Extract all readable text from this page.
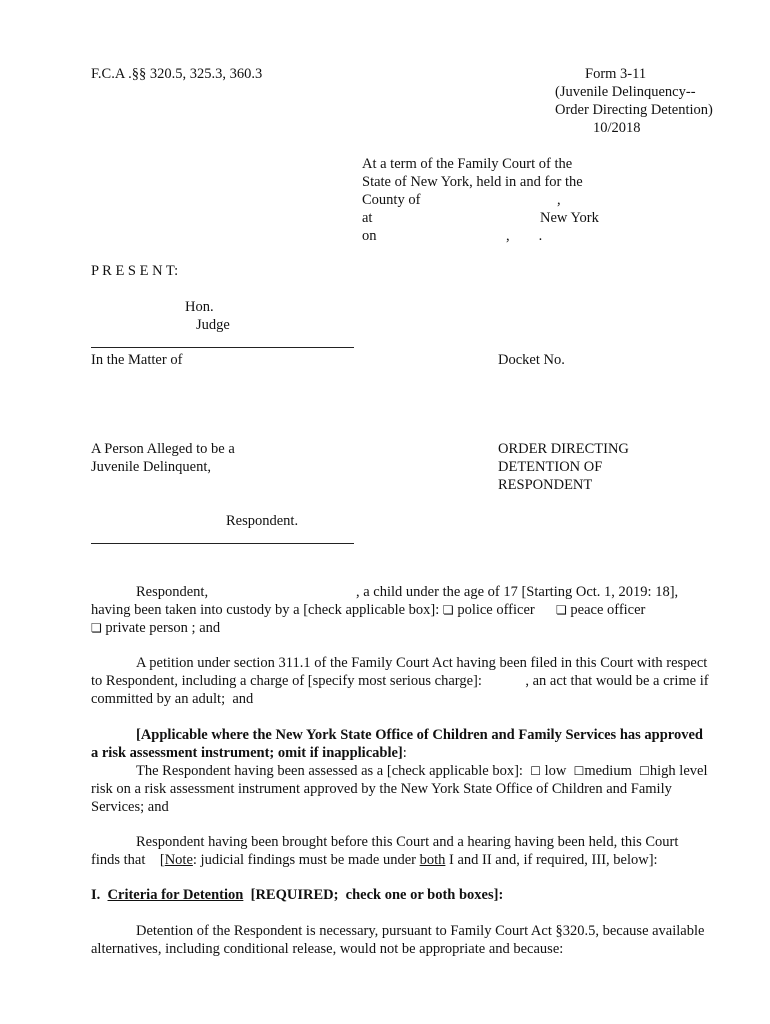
F.C.A .§§ 320.5, 325.3, 360.3	Form 3-11
(Juvenile Delinquency--
Order Directing Detention)
10/2018
At a term of the Family Court of the
State of New York, held in and for the
County of	,
at	New York
on	,        .
P R E S E N T:
Hon.
Judge
In the Matter of	Docket No.
A Person Alleged to be a
Juvenile Delinquent,
ORDER DIRECTING
DETENTION OF
RESPONDENT
Respondent.
Respondent,	, a child under the age of 17 [Starting Oct. 1, 2019: 18],
having been taken into custody by a [check applicable box]: ❏ police officer ❏ peace officer
❏ private person ; and
A petition under section 311.1 of the Family Court Act having been filed in this Court with respect to Respondent, including a charge of [specify most serious charge]:            , an act that would be a crime if committed by an adult;  and
[Applicable where the New York State Office of Children and Family Services has approved a risk assessment instrument; omit if inapplicable]:
The Respondent having been assessed as a [check applicable box]: ☐ low ☐medium ☐high level risk on a risk assessment instrument approved by the New York State Office of Children and Family Services; and
Respondent having been brought before this Court and a hearing having been held, this Court finds that    [Note: judicial findings must be made under both I and II and, if required, III, below]:
I. Criteria for Detention  [REQUIRED;  check one or both boxes]:
Detention of the Respondent is necessary, pursuant to Family Court Act §320.5, because available alternatives, including conditional release, would not be appropriate and because:
